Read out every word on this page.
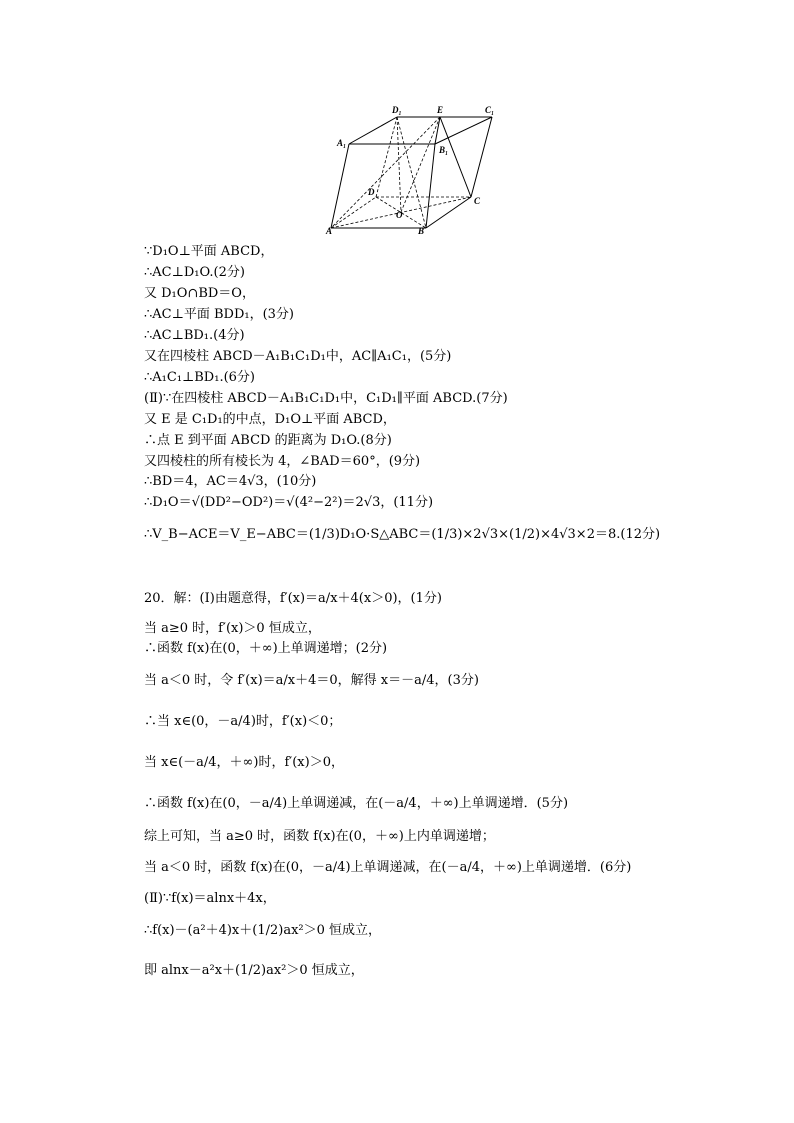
D₁	E	C₁
A₁
B₁
D
O
A	B
C
∵D₁O⊥平面 ABCD，
∴AC⊥D₁O.(2分)
又 D₁O∩BD＝O，
∴AC⊥平面 BDD₁，(3分)
∴AC⊥BD₁.(4分)
又在四棱柱 ABCD－A₁B₁C₁D₁中，AC∥A₁C₁，(5分)
∴A₁C₁⊥BD₁.(6分)
(Ⅱ)∵在四棱柱 ABCD－A₁B₁C₁D₁中，C₁D₁∥平面 ABCD.(7分)
又 E 是 C₁D₁的中点，D₁O⊥平面 ABCD，
∴点 E 到平面 ABCD 的距离为 D₁O.(8分)
又四棱柱的所有棱长为 4，∠BAD＝60°，(9分)
∴BD＝4，AC＝4√3，(10分)
∴D₁O＝√(DD²−OD²)＝√(4²−2²)＝2√3，(11分)
∴V_B−ACE＝V_E−ABC＝(1/3)D₁O·S△ABC＝(1/3)×2√3×(1/2)×4√3×2＝8.(12分)
20．解：(Ⅰ)由题意得，f′(x)＝a/x＋4(x＞0)，(1分)
当 a≥0 时，f′(x)＞0 恒成立，
∴函数 f(x)在(0，＋∞)上单调递增；(2分)
当 a＜0 时，令 f′(x)＝a/x＋4＝0，解得 x＝－a/4，(3分)
∴当 x∈(0，－a/4)时，f′(x)＜0；
当 x∈(－a/4，＋∞)时，f′(x)＞0，
∴函数 f(x)在(0，－a/4)上单调递减，在(－a/4，＋∞)上单调递增．(5分)
综上可知，当 a≥0 时，函数 f(x)在(0，＋∞)上内单调递增；
当 a＜0 时，函数 f(x)在(0，－a/4)上单调递减，在(－a/4，＋∞)上单调递增．(6分)
(Ⅱ)∵f(x)＝alnx＋4x，
∴f(x)－(a²＋4)x＋(1/2)ax²＞0 恒成立，
即 alnx－a²x＋(1/2)ax²＞0 恒成立，
